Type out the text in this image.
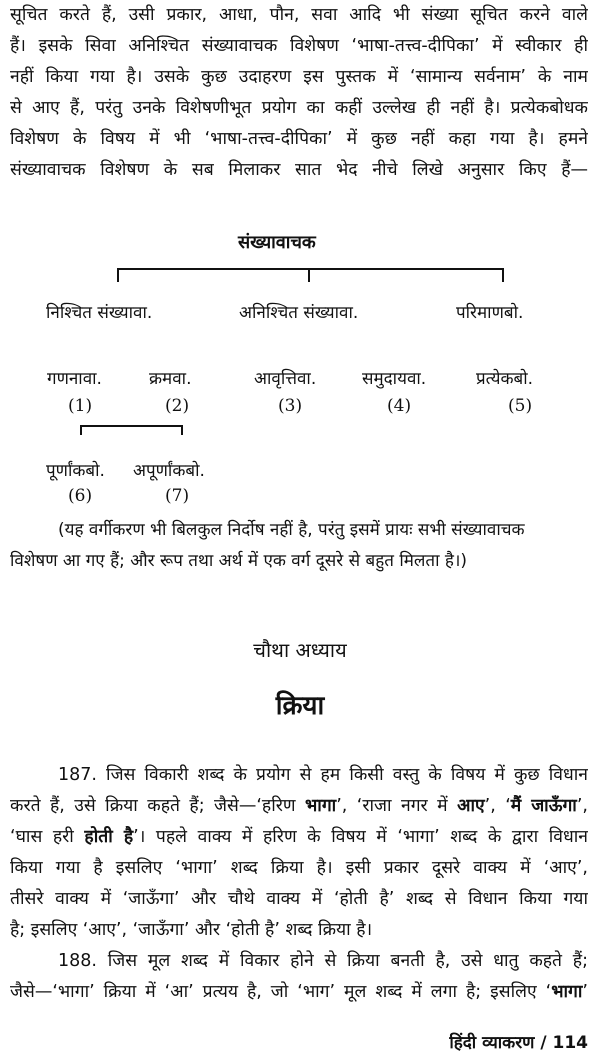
सूचित करते हैं, उसी प्रकार, आधा, पौन, सवा आदि भी संख्या सूचित करने वाले
हैं। इसके सिवा अनिश्चित संख्यावाचक विशेषण ‘भाषा-तत्त्व-दीपिका’ में स्वीकार ही
नहीं किया गया है। उसके कुछ उदाहरण इस पुस्तक में ‘सामान्य सर्वनाम’ के नाम
से आए हैं, परंतु उनके विशेषणीभूत प्रयोग का कहीं उल्लेख ही नहीं है। प्रत्येकबोधक
विशेषण के विषय में भी ‘भाषा-तत्त्व-दीपिका’ में कुछ नहीं कहा गया है। हमने
संख्यावाचक विशेषण के सब मिलाकर सात भेद नीचे लिखे अनुसार किए हैं—
संख्यावाचक
निश्चित संख्यावा.	अनिश्चित संख्यावा.	परिमाणबो.
गणनावा.	क्रमवा.	आवृत्तिवा.	समुदायवा.	प्रत्येकबो.
(1)	(2)	(3)	(4)	(5)
पूर्णांकबो. अपूर्णांकबो.
(6)	(7)
(यह वर्गीकरण भी बिलकुल निर्दोष नहीं है, परंतु इसमें प्रायः सभी संख्यावाचक
विशेषण आ गए हैं; और रूप तथा अर्थ में एक वर्ग दूसरे से बहुत मिलता है।)
चौथा अध्याय
क्रिया
187. जिस विकारी शब्द के प्रयोग से हम किसी वस्तु के विषय में कुछ विधान
करते हैं, उसे क्रिया कहते हैं; जैसे—‘हरिण भागा’, ‘राजा नगर में आए’, ‘मैं जाऊँगा’,
‘घास हरी होती है’। पहले वाक्य में हरिण के विषय में ‘भागा’ शब्द के द्वारा विधान
किया गया है इसलिए ‘भागा’ शब्द क्रिया है। इसी प्रकार दूसरे वाक्य में ‘आए’,
तीसरे वाक्य में ‘जाऊँगा’ और चौथे वाक्य में ‘होती है’ शब्द से विधान किया गया
है; इसलिए ‘आए’, ‘जाऊँगा’ और ‘होती है’ शब्द क्रिया है।
188. जिस मूल शब्द में विकार होने से क्रिया बनती है, उसे धातु कहते हैं;
जैसे—‘भागा’ क्रिया में ‘आ’ प्रत्यय है, जो ‘भाग’ मूल शब्द में लगा है; इसलिए ‘भागा’
हिंदी व्याकरण / 114
